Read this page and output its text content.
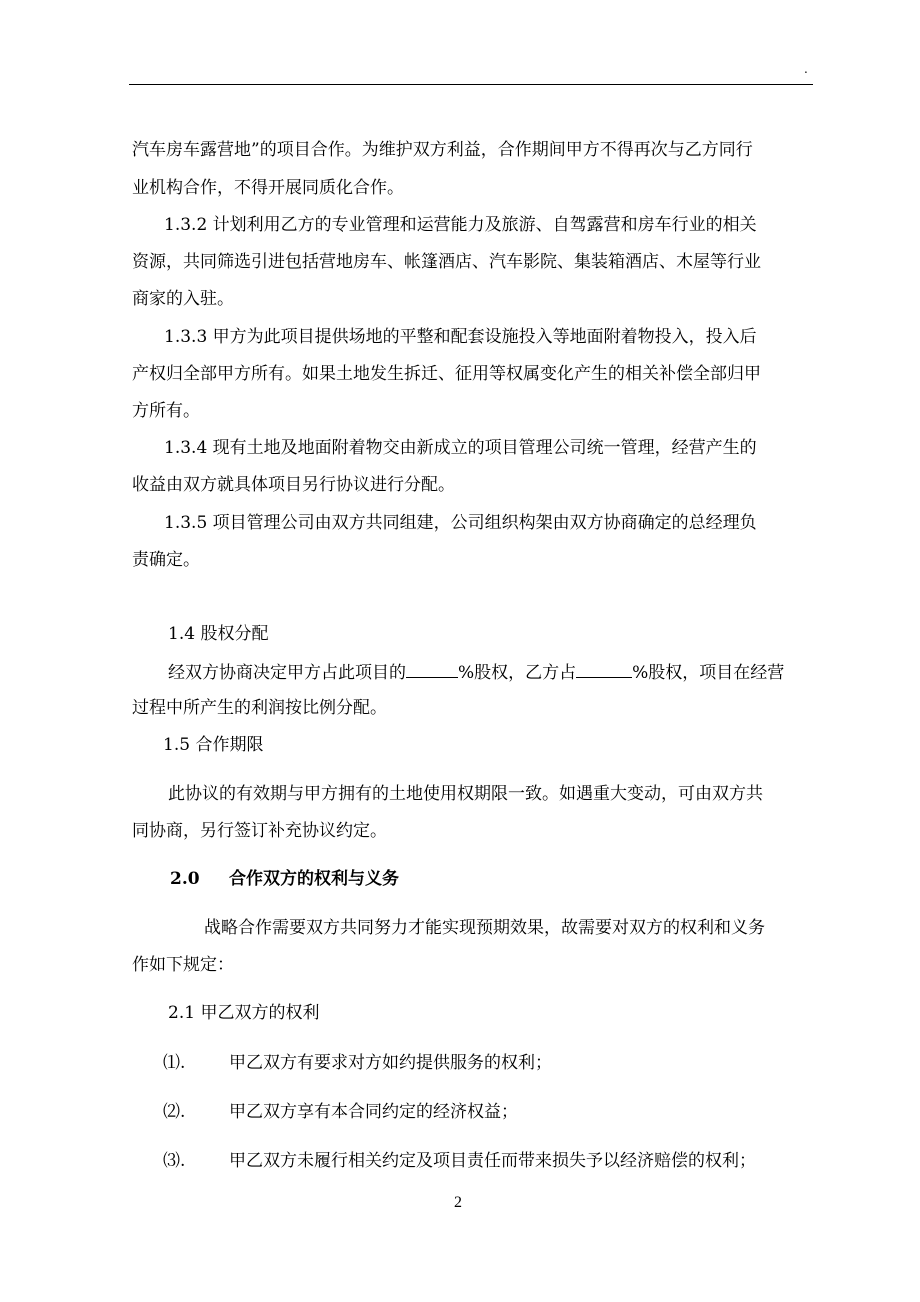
.
汽车房车露营地”的项目合作。为维护双方利益，合作期间甲方不得再次与乙方同行
业机构合作，不得开展同质化合作。
1.3.2 计划利用乙方的专业管理和运营能力及旅游、自驾露营和房车行业的相关
资源，共同筛选引进包括营地房车、帐篷酒店、汽车影院、集装箱酒店、木屋等行业
商家的入驻。
1.3.3 甲方为此项目提供场地的平整和配套设施投入等地面附着物投入，投入后
产权归全部甲方所有。如果土地发生拆迁、征用等权属变化产生的相关补偿全部归甲
方所有。
1.3.4 现有土地及地面附着物交由新成立的项目管理公司统一管理，经营产生的
收益由双方就具体项目另行协议进行分配。
1.3.5 项目管理公司由双方共同组建，公司组织构架由双方协商确定的总经理负
责确定。
1.4 股权分配
经双方协商决定甲方占此项目的	%股权，乙方占	%股权，项目在经营
过程中所产生的利润按比例分配。
1.5 合作期限
此协议的有效期与甲方拥有的土地使用权期限一致。如遇重大变动，可由双方共
同协商，另行签订补充协议约定。
2.0 合作双方的权利与义务
战略合作需要双方共同努力才能实现预期效果，故需要对双方的权利和义务
作如下规定：
2.1 甲乙双方的权利
⑴.	甲乙双方有要求对方如约提供服务的权利；
⑵.	甲乙双方享有本合同约定的经济权益；
⑶.	甲乙双方未履行相关约定及项目责任而带来损失予以经济赔偿的权利；
2
